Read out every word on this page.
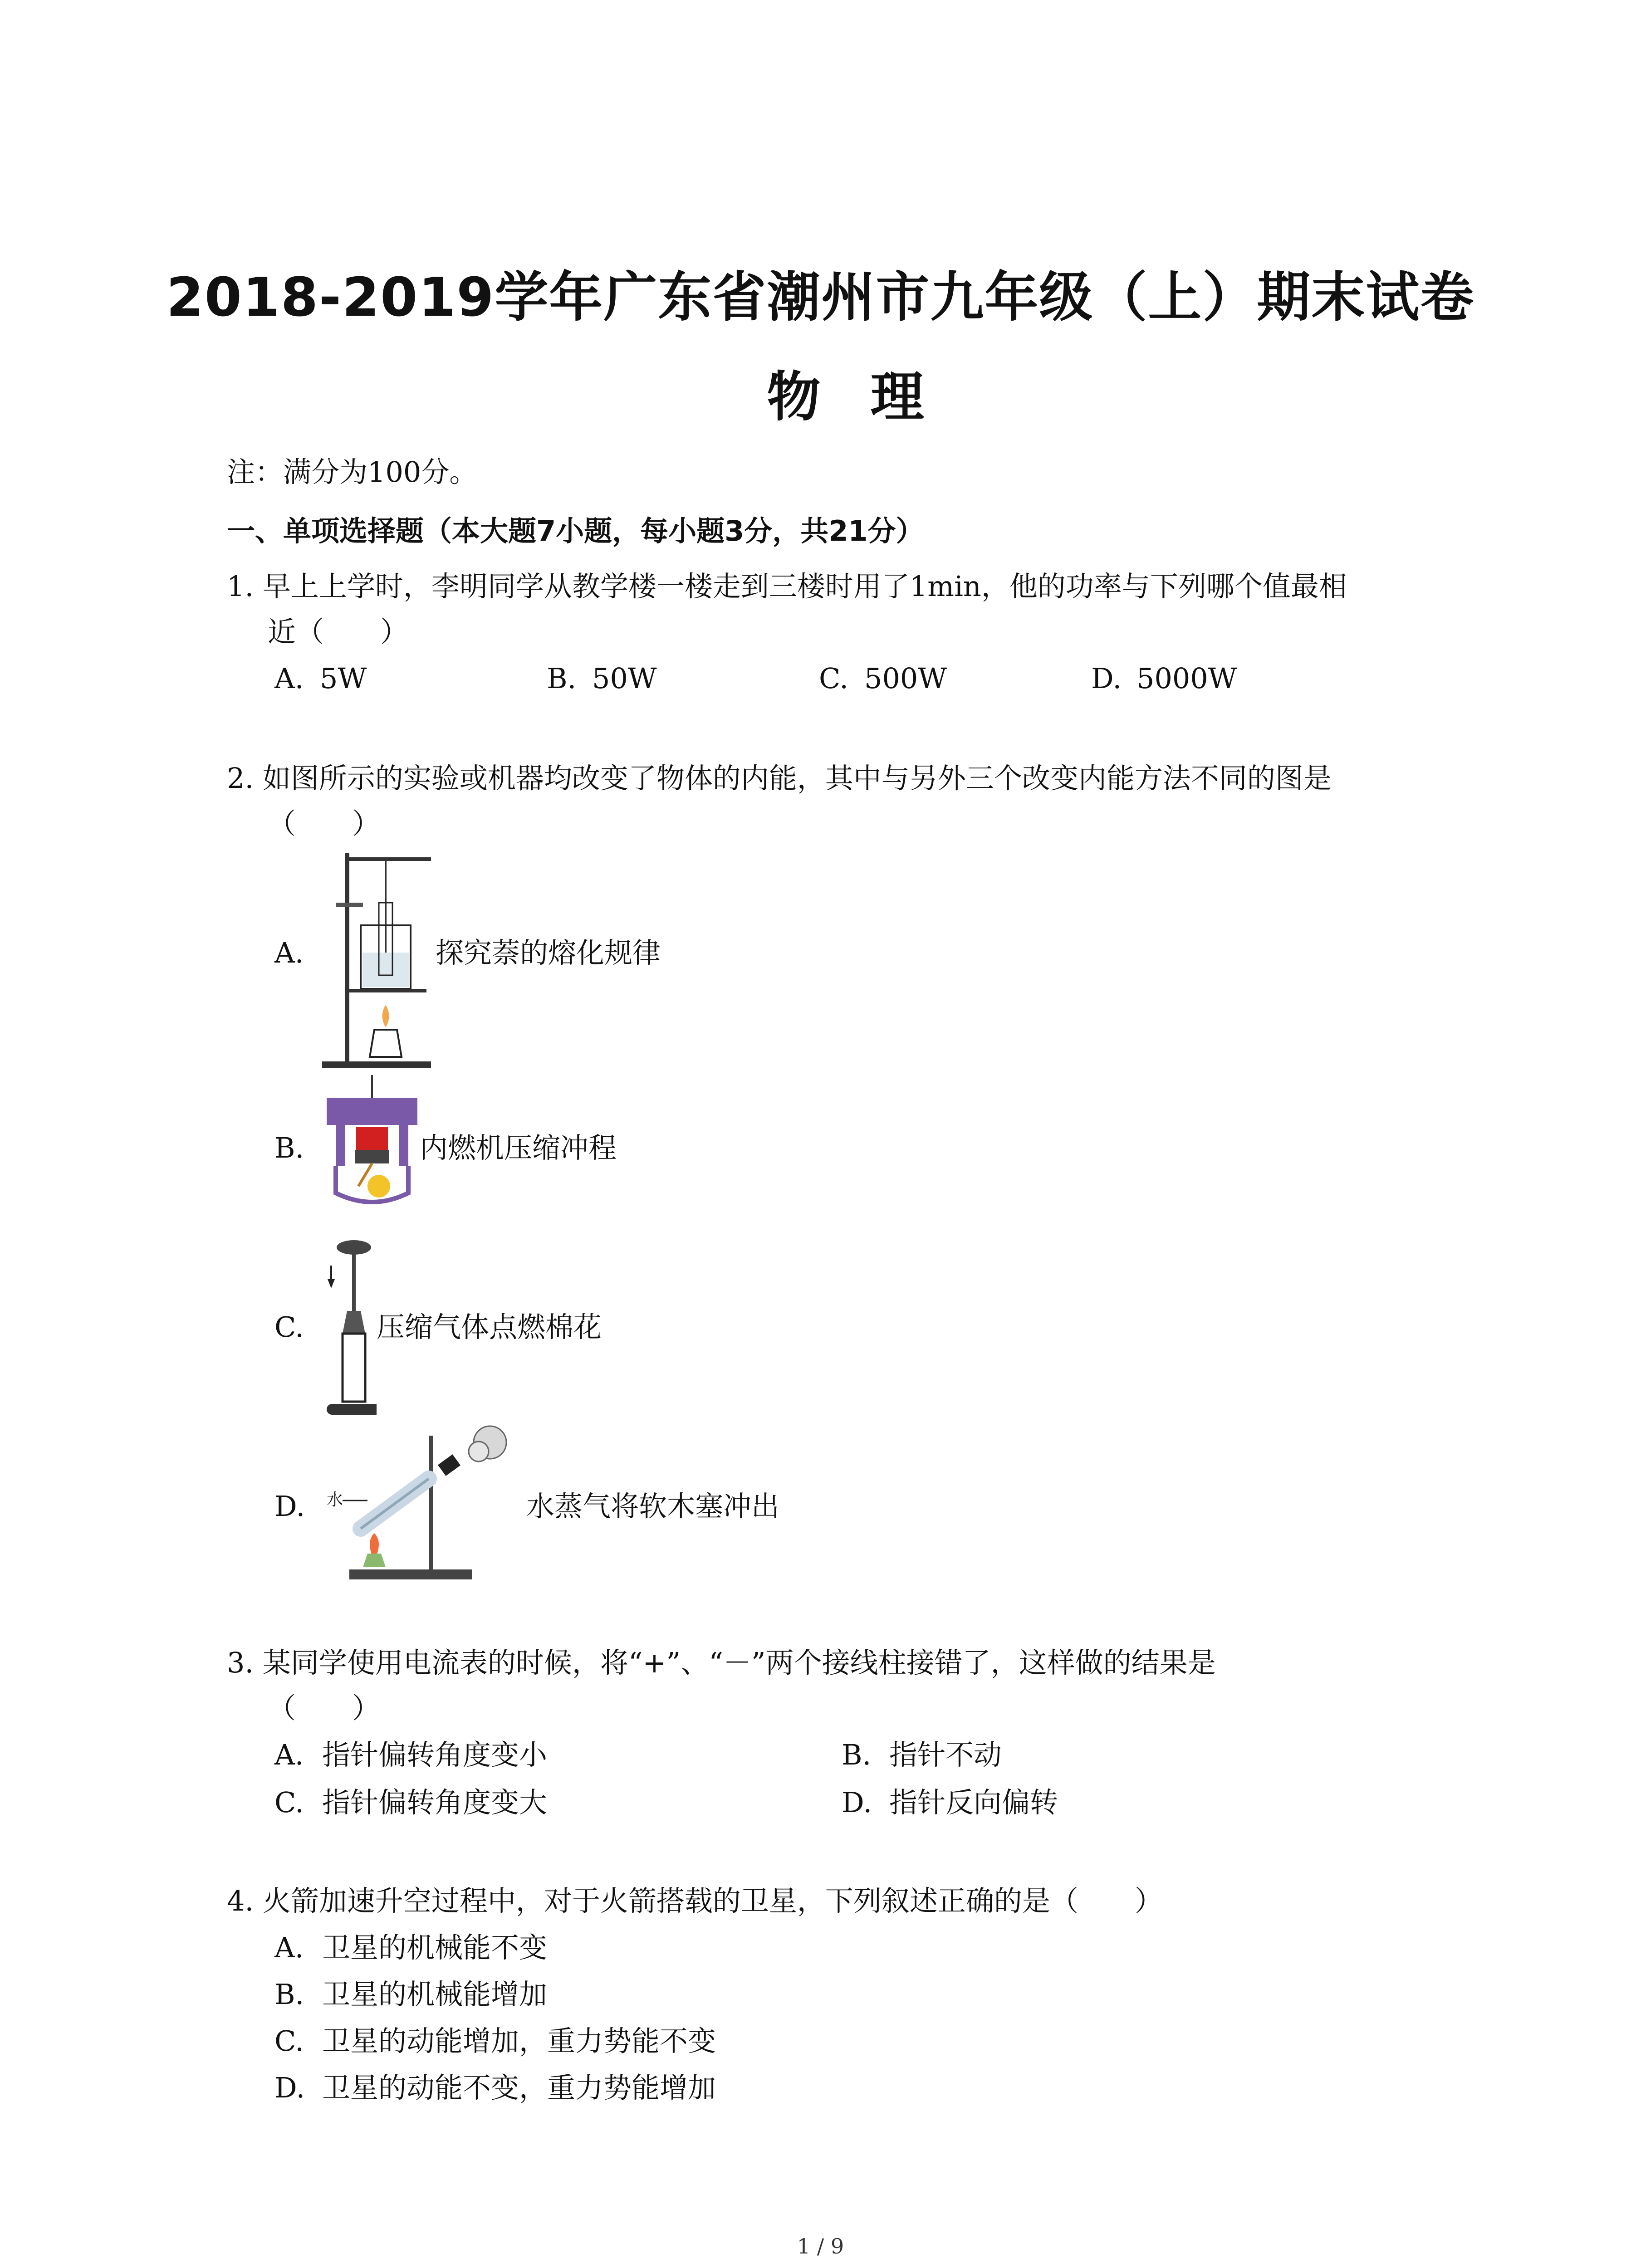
2018-2019学年广东省潮州市九年级（上）期末试卷
物理
注：满分为100分。
一、单项选择题（本大题7小题，每小题3分，共21分）
1. 早上上学时，李明同学从教学楼一楼走到三楼时用了1min，他的功率与下列哪个值最相
近（　　）
A. 5W	B. 50W	C. 500W	D. 5000W
2. 如图所示的实验或机器均改变了物体的内能，其中与另外三个改变内能方法不同的图是
（　　）
A.	探究萘的熔化规律
B.	内燃机压缩冲程
C.	压缩气体点燃棉花
D. 水	水蒸气将软木塞冲出
3. 某同学使用电流表的时候，将“+”、“－”两个接线柱接错了，这样做的结果是
（　　）
A. 指针偏转角度变小	B. 指针不动
C. 指针偏转角度变大	D. 指针反向偏转
4. 火箭加速升空过程中，对于火箭搭载的卫星，下列叙述正确的是（　　）
A. 卫星的机械能不变
B. 卫星的机械能增加
C. 卫星的动能增加，重力势能不变
D. 卫星的动能不变，重力势能增加
1 / 9
